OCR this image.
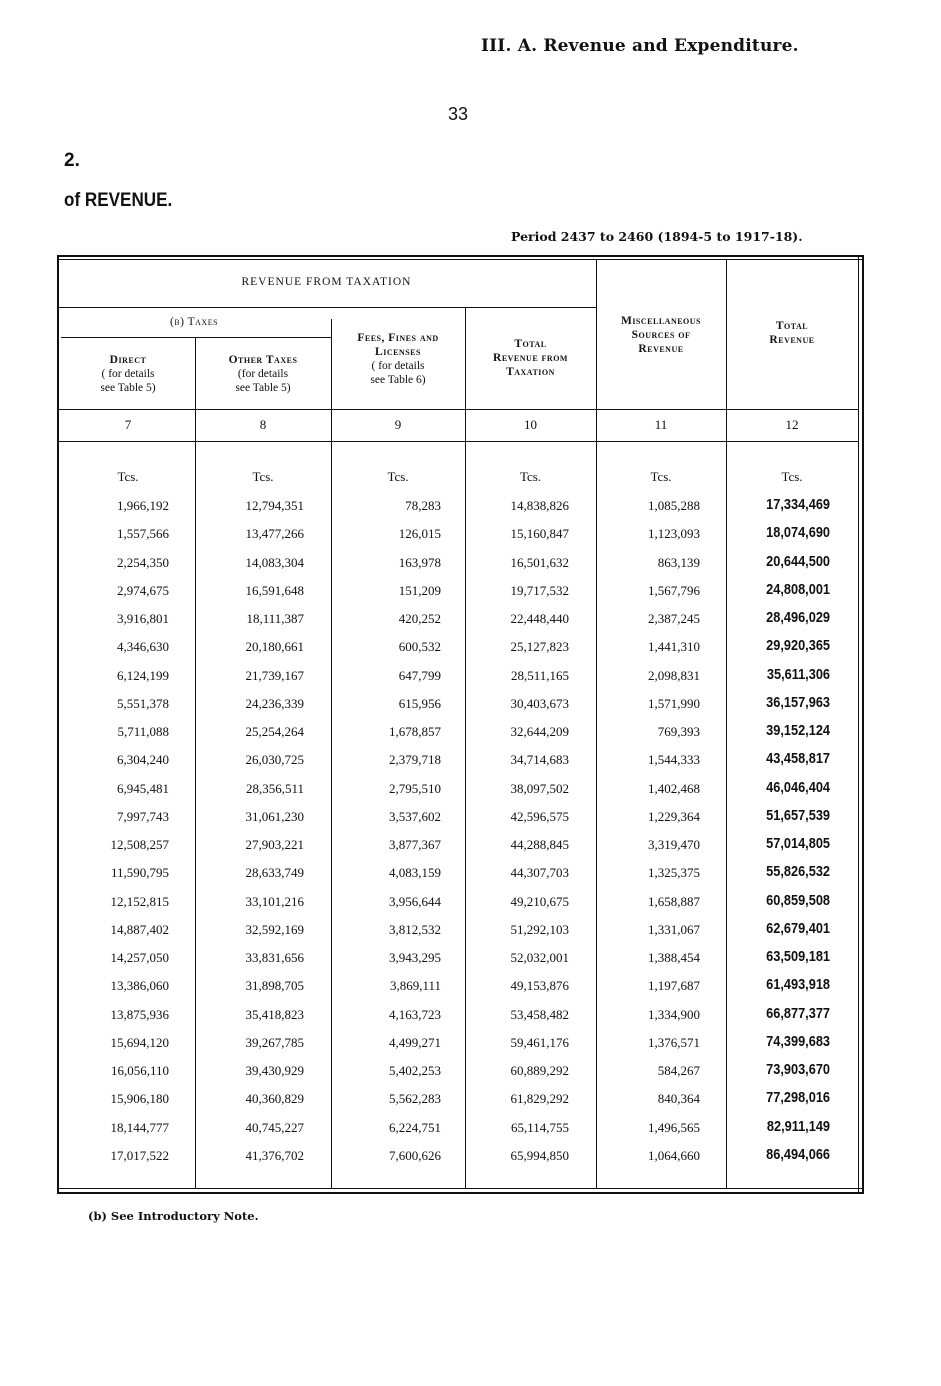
III. A. Revenue and Expenditure.
33
2.
of REVENUE.
Period 2437 to 2460 (1894-5 to 1917-18).
REVENUE FROM TAXATION
(b) Taxes
Direct
( for details
see Table 5)
Other Taxes
(for details
see Table 5)
Fees, Fines and
Licenses
( for details
see Table 6)
Total
Revenue from
Taxation
Miscellaneous
Sources of
Revenue
Total
Revenue
7	8	9	10	11	12
Tcs.	Tcs.	Tcs.	Tcs.	Tcs.	Tcs.
1,966,192	12,794,351	78,283	14,838,826	1,085,288	17,334,469
1,557,566	13,477,266	126,015	15,160,847	1,123,093	18,074,690
2,254,350	14,083,304	163,978	16,501,632	863,139	20,644,500
2,974,675	16,591,648	151,209	19,717,532	1,567,796	24,808,001
3,916,801	18,111,387	420,252	22,448,440	2,387,245	28,496,029
4,346,630	20,180,661	600,532	25,127,823	1,441,310	29,920,365
6,124,199	21,739,167	647,799	28,511,165	2,098,831	35,611,306
5,551,378	24,236,339	615,956	30,403,673	1,571,990	36,157,963
5,711,088	25,254,264	1,678,857	32,644,209	769,393	39,152,124
6,304,240	26,030,725	2,379,718	34,714,683	1,544,333	43,458,817
6,945,481	28,356,511	2,795,510	38,097,502	1,402,468	46,046,404
7,997,743	31,061,230	3,537,602	42,596,575	1,229,364	51,657,539
12,508,257	27,903,221	3,877,367	44,288,845	3,319,470	57,014,805
11,590,795	28,633,749	4,083,159	44,307,703	1,325,375	55,826,532
12,152,815	33,101,216	3,956,644	49,210,675	1,658,887	60,859,508
14,887,402	32,592,169	3,812,532	51,292,103	1,331,067	62,679,401
14,257,050	33,831,656	3,943,295	52,032,001	1,388,454	63,509,181
13,386,060	31,898,705	3,869,111	49,153,876	1,197,687	61,493,918
13,875,936	35,418,823	4,163,723	53,458,482	1,334,900	66,877,377
15,694,120	39,267,785	4,499,271	59,461,176	1,376,571	74,399,683
16,056,110	39,430,929	5,402,253	60,889,292	584,267	73,903,670
15,906,180	40,360,829	5,562,283	61,829,292	840,364	77,298,016
18,144,777	40,745,227	6,224,751	65,114,755	1,496,565	82,911,149
17,017,522	41,376,702	7,600,626	65,994,850	1,064,660	86,494,066
(b) See Introductory Note.
